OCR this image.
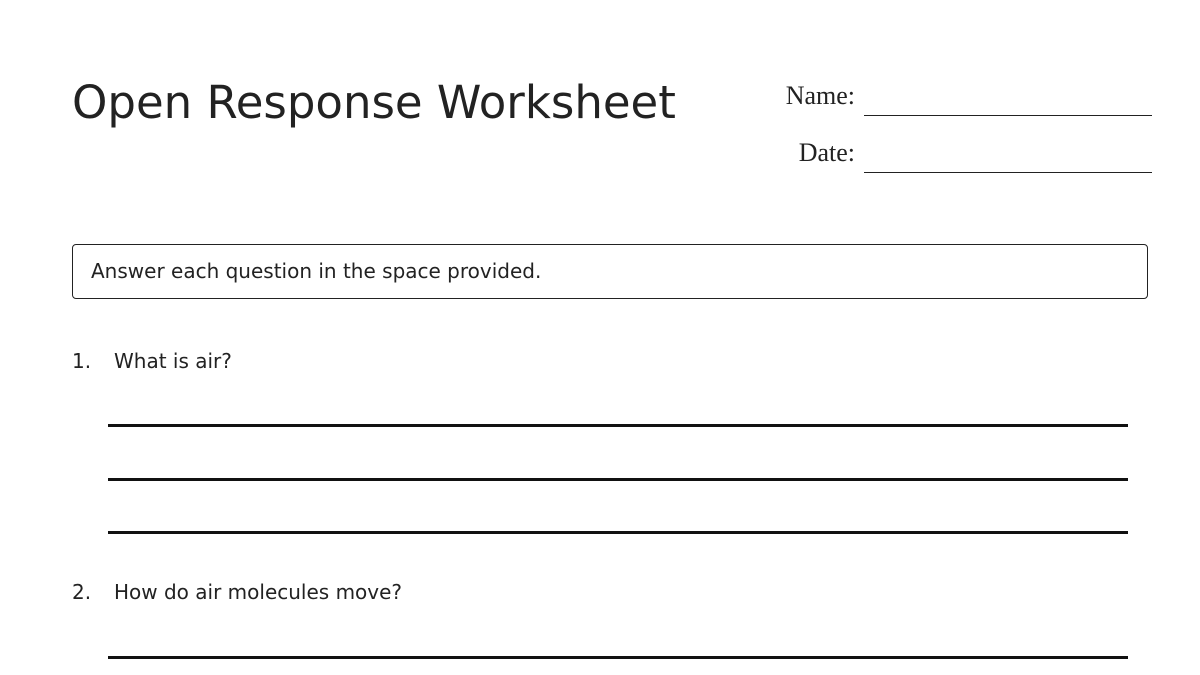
Open Response Worksheet	Name:
Date:
Answer each question in the space provided.
1. What is air?
2. How do air molecules move?
